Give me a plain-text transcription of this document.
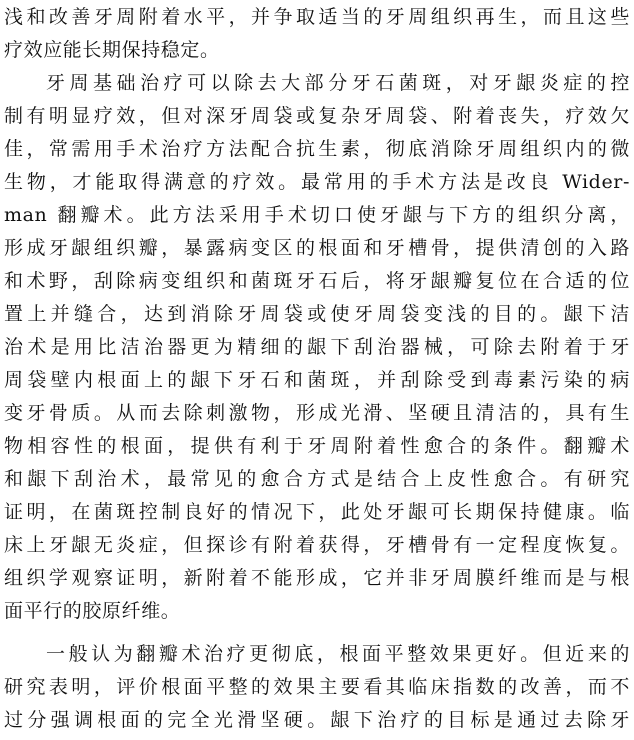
浅和改善牙周附着水平，并争取适当的牙周组织再生，而且这些
疗效应能长期保持稳定。
牙周基础治疗可以除去大部分牙石菌斑，对牙龈炎症的控
制有明显疗效，但对深牙周袋或复杂牙周袋、附着丧失，疗效欠
佳，常需用手术治疗方法配合抗生素，彻底消除牙周组织内的微
生物，才能取得满意的疗效。最常用的手术方法是改良 Wider-
man 翻瓣术。此方法采用手术切口使牙龈与下方的组织分离，
形成牙龈组织瓣，暴露病变区的根面和牙槽骨，提供清创的入路
和术野，刮除病变组织和菌斑牙石后，将牙龈瓣复位在合适的位
置上并缝合，达到消除牙周袋或使牙周袋变浅的目的。龈下洁
治术是用比洁治器更为精细的龈下刮治器械，可除去附着于牙
周袋壁内根面上的龈下牙石和菌斑，并刮除受到毒素污染的病
变牙骨质。从而去除刺激物，形成光滑、坚硬且清洁的，具有生
物相容性的根面，提供有利于牙周附着性愈合的条件。翻瓣术
和龈下刮治术，最常见的愈合方式是结合上皮性愈合。有研究
证明，在菌斑控制良好的情况下，此处牙龈可长期保持健康。临
床上牙龈无炎症，但探诊有附着获得，牙槽骨有一定程度恢复。
组织学观察证明，新附着不能形成，它并非牙周膜纤维而是与根
面平行的胶原纤维。
一般认为翻瓣术治疗更彻底，根面平整效果更好。但近来的
研究表明，评价根面平整的效果主要看其临床指数的改善，而不
过分强调根面的完全光滑坚硬。龈下治疗的目标是通过去除牙
